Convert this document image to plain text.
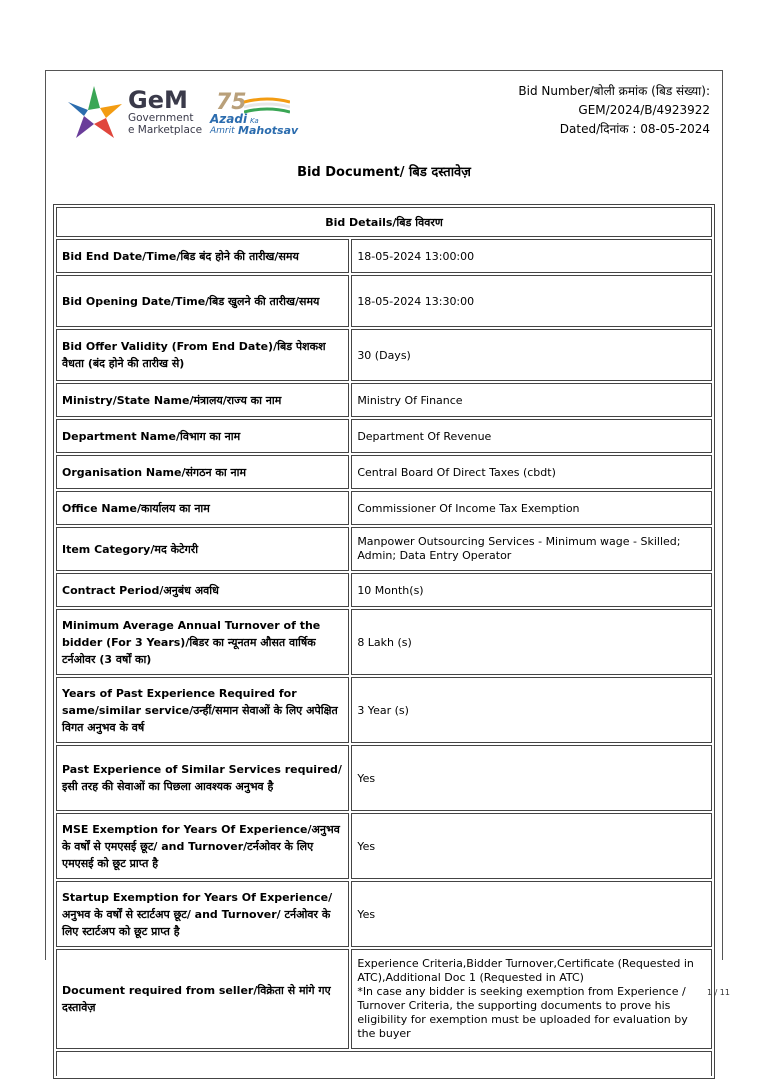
GeM
Government
e Marketplace
75
Azadi Ka
Amrit Mahotsav
Bid Number/बोली क्रमांक (बिड संख्या):
GEM/2024/B/4923922
Dated/दिनांक : 08-05-2024
Bid Document/ बिड दस्तावेज़
Bid Details/बिड विवरण	
Bid End Date/Time/बिड बंद होने की तारीख/समय	18-05-2024 13:00:00
Bid Opening Date/Time/बिड खुलने की तारीख/समय	18-05-2024 13:30:00
Bid Offer Validity (From End Date)/बिड पेशकश वैधता (बंद होने की तारीख से)	30 (Days)
Ministry/State Name/मंत्रालय/राज्य का नाम	Ministry Of Finance
Department Name/विभाग का नाम	Department Of Revenue
Organisation Name/संगठन का नाम	Central Board Of Direct Taxes (cbdt)
Office Name/कार्यालय का नाम	Commissioner Of Income Tax Exemption
Item Category/मद केटेगरी	Manpower Outsourcing Services - Minimum wage - Skilled; Admin; Data Entry Operator
Contract Period/अनुबंध अवधि	10 Month(s)
Minimum Average Annual Turnover of the bidder (For 3 Years)/बिडर का न्यूनतम औसत वार्षिक टर्नओवर (3 वर्षों का)	8 Lakh (s)
Years of Past Experience Required for same/similar service/उन्हीं/समान सेवाओं के लिए अपेक्षित विगत अनुभव के वर्ष	3 Year (s)
Past Experience of Similar Services required/इसी तरह की सेवाओं का पिछला आवश्यक अनुभव है	Yes
MSE Exemption for Years Of Experience/अनुभव के वर्षों से एमएसई छूट/ and Turnover/टर्नओवर के लिए एमएसई को छूट प्राप्त है	Yes
Startup Exemption for Years Of Experience/अनुभव के वर्षों से स्टार्टअप छूट/ and Turnover/ टर्नओवर के लिए स्टार्टअप को छूट प्राप्त है	Yes
Document required from seller/विक्रेता से मांगे गए दस्तावेज़	Experience Criteria,Bidder Turnover,Certificate (Requested in ATC),Additional Doc 1 (Requested in ATC)
*In case any bidder is seeking exemption from Experience / Turnover Criteria, the supporting documents to prove his eligibility for exemption must be uploaded for evaluation by the buyer

1 / 11
